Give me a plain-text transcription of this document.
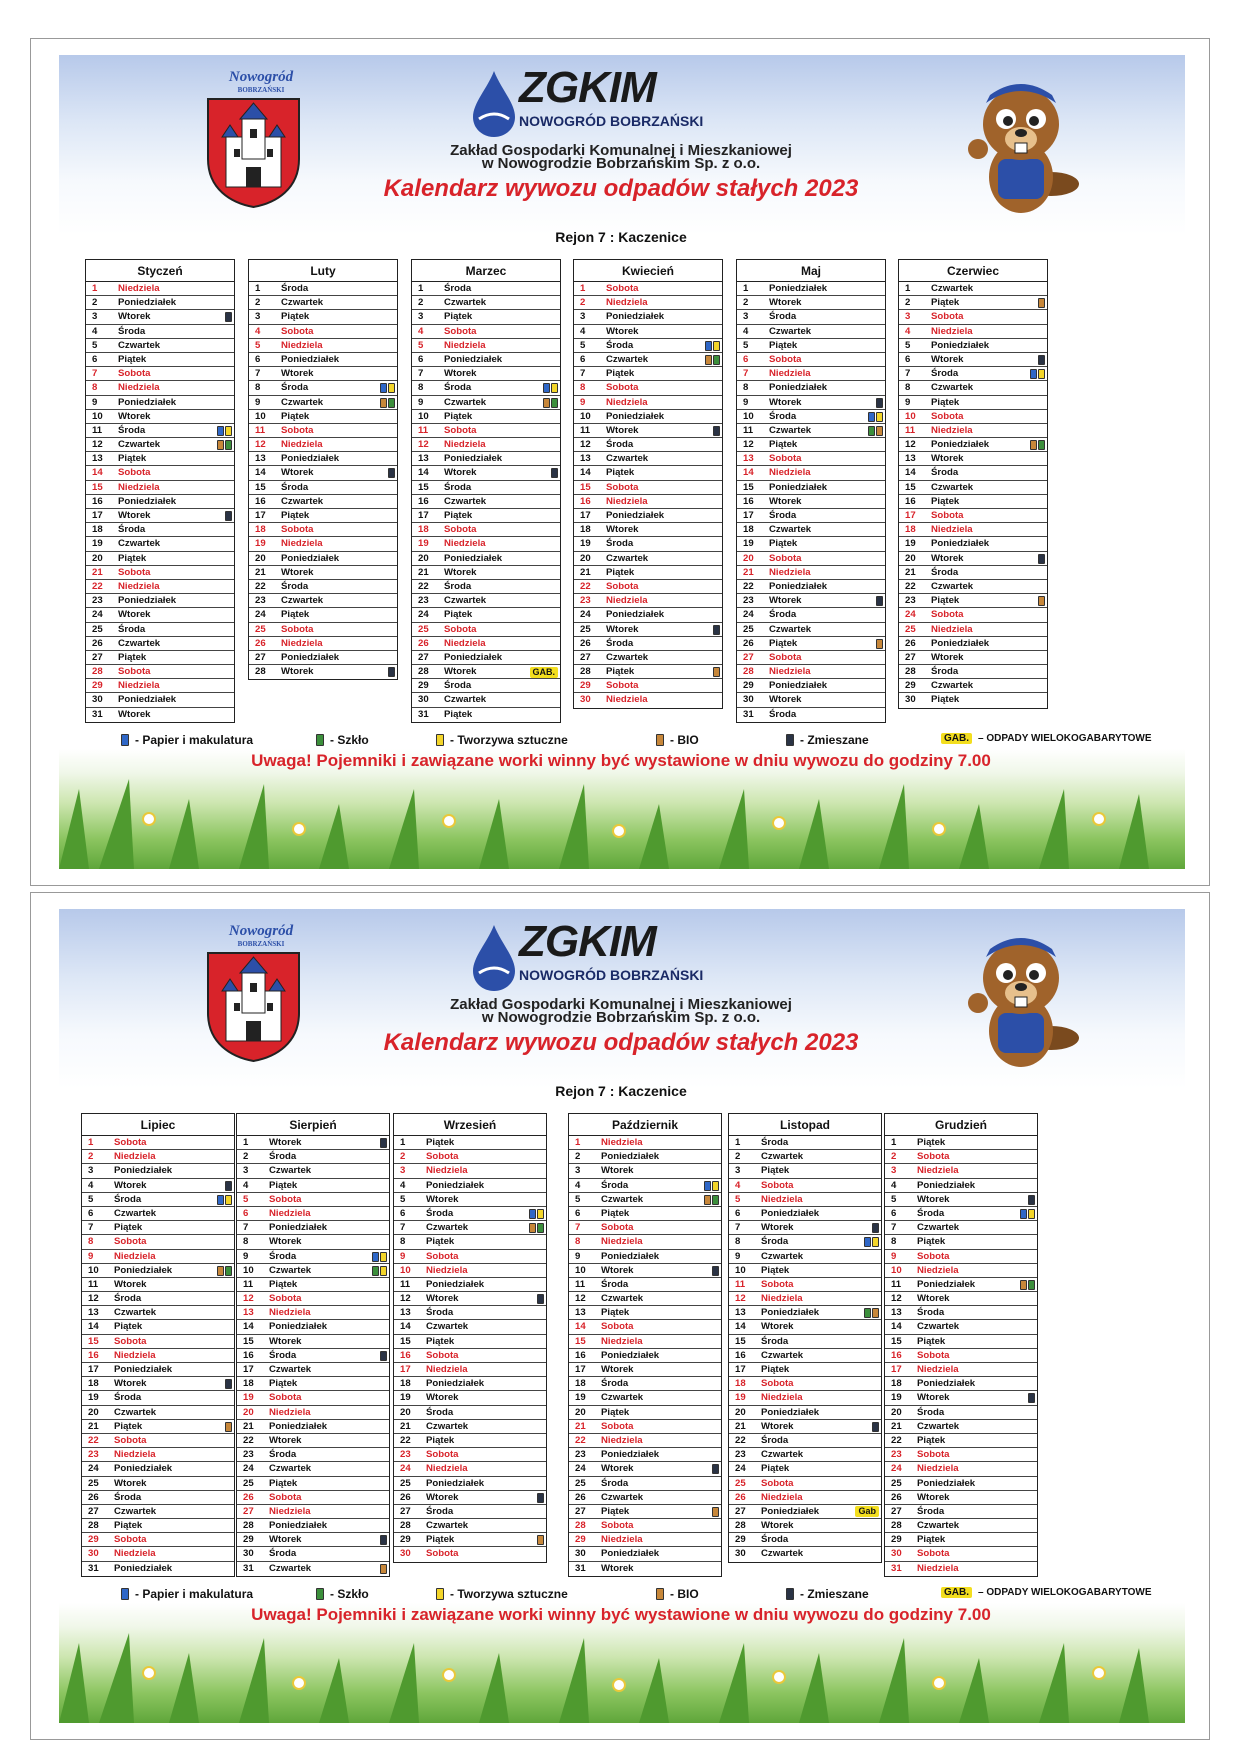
Nowogród
BOBRZAŃSKI	ZGKIM
NOWOGRÓD BOBRZAŃSKI
Zakład Gospodarki Komunalnej i Mieszkaniowej
w Nowogrodzie Bobrzańskim Sp. z o.o.
Kalendarz wywozu odpadów stałych 2023
Rejon 7 : Kaczenice
Styczeń
1	Niedziela
2	Poniedziałek
3	Wtorek
4	Środa
5	Czwartek
6	Piątek
7	Sobota
8	Niedziela
9	Poniedziałek
10	Wtorek
11	Środa
12	Czwartek
13	Piątek
14	Sobota
15	Niedziela
16	Poniedziałek
17	Wtorek
18	Środa
19	Czwartek
20	Piątek
21	Sobota
22	Niedziela
23	Poniedziałek
24	Wtorek
25	Środa
26	Czwartek
27	Piątek
28	Sobota
29	Niedziela
30	Poniedziałek
31	Wtorek
Luty
1	Środa
2	Czwartek
3	Piątek
4	Sobota
5	Niedziela
6	Poniedziałek
7	Wtorek
8	Środa
9	Czwartek
10	Piątek
11	Sobota
12	Niedziela
13	Poniedziałek
14	Wtorek
15	Środa
16	Czwartek
17	Piątek
18	Sobota
19	Niedziela
20	Poniedziałek
21	Wtorek
22	Środa
23	Czwartek
24	Piątek
25	Sobota
26	Niedziela
27	Poniedziałek
28	Wtorek
Marzec
1	Środa
2	Czwartek
3	Piątek
4	Sobota
5	Niedziela
6	Poniedziałek
7	Wtorek
8	Środa
9	Czwartek
10	Piątek
11	Sobota
12	Niedziela
13	Poniedziałek
14	Wtorek
15	Środa
16	Czwartek
17	Piątek
18	Sobota
19	Niedziela
20	Poniedziałek
21	Wtorek
22	Środa
23	Czwartek
24	Piątek
25	Sobota
26	Niedziela
27	Poniedziałek
28	Wtorek	GAB.
29	Środa
30	Czwartek
31	Piątek
Kwiecień
1	Sobota
2	Niedziela
3	Poniedziałek
4	Wtorek
5	Środa
6	Czwartek
7	Piątek
8	Sobota
9	Niedziela
10	Poniedziałek
11	Wtorek
12	Środa
13	Czwartek
14	Piątek
15	Sobota
16	Niedziela
17	Poniedziałek
18	Wtorek
19	Środa
20	Czwartek
21	Piątek
22	Sobota
23	Niedziela
24	Poniedziałek
25	Wtorek
26	Środa
27	Czwartek
28	Piątek
29	Sobota
30	Niedziela
Maj
1	Poniedziałek
2	Wtorek
3	Środa
4	Czwartek
5	Piątek
6	Sobota
7	Niedziela
8	Poniedziałek
9	Wtorek
10	Środa
11	Czwartek
12	Piątek
13	Sobota
14	Niedziela
15	Poniedziałek
16	Wtorek
17	Środa
18	Czwartek
19	Piątek
20	Sobota
21	Niedziela
22	Poniedziałek
23	Wtorek
24	Środa
25	Czwartek
26	Piątek
27	Sobota
28	Niedziela
29	Poniedziałek
30	Wtorek
31	Środa
Czerwiec
1	Czwartek
2	Piątek
3	Sobota
4	Niedziela
5	Poniedziałek
6	Wtorek
7	Środa
8	Czwartek
9	Piątek
10	Sobota
11	Niedziela
12	Poniedziałek
13	Wtorek
14	Środa
15	Czwartek
16	Piątek
17	Sobota
18	Niedziela
19	Poniedziałek
20	Wtorek
21	Środa
22	Czwartek
23	Piątek
24	Sobota
25	Niedziela
26	Poniedziałek
27	Wtorek
28	Środa
29	Czwartek
30	Piątek
- Papier i makulatura	- Szkło	- Tworzywa sztuczne	- BIO	- Zmieszane	GAB. – ODPADY WIELOKOGABARYTOWE
Uwaga! Pojemniki i zawiązane worki winny być wystawione w dniu wywozu do godziny 7.00
Nowogród
BOBRZAŃSKI	ZGKIM
NOWOGRÓD BOBRZAŃSKI
Zakład Gospodarki Komunalnej i Mieszkaniowej
w Nowogrodzie Bobrzańskim Sp. z o.o.
Kalendarz wywozu odpadów stałych 2023
Rejon 7 : Kaczenice
Lipiec
1	Sobota
2	Niedziela
3	Poniedziałek
4	Wtorek
5	Środa
6	Czwartek
7	Piątek
8	Sobota
9	Niedziela
10	Poniedziałek
11	Wtorek
12	Środa
13	Czwartek
14	Piątek
15	Sobota
16	Niedziela
17	Poniedziałek
18	Wtorek
19	Środa
20	Czwartek
21	Piątek
22	Sobota
23	Niedziela
24	Poniedziałek
25	Wtorek
26	Środa
27	Czwartek
28	Piątek
29	Sobota
30	Niedziela
31	Poniedziałek
Sierpień
1	Wtorek
2	Środa
3	Czwartek
4	Piątek
5	Sobota
6	Niedziela
7	Poniedziałek
8	Wtorek
9	Środa
10	Czwartek
11	Piątek
12	Sobota
13	Niedziela
14	Poniedziałek
15	Wtorek
16	Środa
17	Czwartek
18	Piątek
19	Sobota
20	Niedziela
21	Poniedziałek
22	Wtorek
23	Środa
24	Czwartek
25	Piątek
26	Sobota
27	Niedziela
28	Poniedziałek
29	Wtorek
30	Środa
31	Czwartek
Wrzesień
1	Piątek
2	Sobota
3	Niedziela
4	Poniedziałek
5	Wtorek
6	Środa
7	Czwartek
8	Piątek
9	Sobota
10	Niedziela
11	Poniedziałek
12	Wtorek
13	Środa
14	Czwartek
15	Piątek
16	Sobota
17	Niedziela
18	Poniedziałek
19	Wtorek
20	Środa
21	Czwartek
22	Piątek
23	Sobota
24	Niedziela
25	Poniedziałek
26	Wtorek
27	Środa
28	Czwartek
29	Piątek
30	Sobota
Październik
1	Niedziela
2	Poniedziałek
3	Wtorek
4	Środa
5	Czwartek
6	Piątek
7	Sobota
8	Niedziela
9	Poniedziałek
10	Wtorek
11	Środa
12	Czwartek
13	Piątek
14	Sobota
15	Niedziela
16	Poniedziałek
17	Wtorek
18	Środa
19	Czwartek
20	Piątek
21	Sobota
22	Niedziela
23	Poniedziałek
24	Wtorek
25	Środa
26	Czwartek
27	Piątek
28	Sobota
29	Niedziela
30	Poniedziałek
31	Wtorek
Listopad
1	Środa
2	Czwartek
3	Piątek
4	Sobota
5	Niedziela
6	Poniedziałek
7	Wtorek
8	Środa
9	Czwartek
10	Piątek
11	Sobota
12	Niedziela
13	Poniedziałek
14	Wtorek
15	Środa
16	Czwartek
17	Piątek
18	Sobota
19	Niedziela
20	Poniedziałek
21	Wtorek
22	Środa
23	Czwartek
24	Piątek
25	Sobota
26	Niedziela
27	Poniedziałek	Gab
28	Wtorek
29	Środa
30	Czwartek
Grudzień
1	Piątek
2	Sobota
3	Niedziela
4	Poniedziałek
5	Wtorek
6	Środa
7	Czwartek
8	Piątek
9	Sobota
10	Niedziela
11	Poniedziałek
12	Wtorek
13	Środa
14	Czwartek
15	Piątek
16	Sobota
17	Niedziela
18	Poniedziałek
19	Wtorek
20	Środa
21	Czwartek
22	Piątek
23	Sobota
24	Niedziela
25	Poniedziałek
26	Wtorek
27	Środa
28	Czwartek
29	Piątek
30	Sobota
31	Niedziela
- Papier i makulatura	- Szkło	- Tworzywa sztuczne	- BIO	- Zmieszane	GAB. – ODPADY WIELOKOGABARYTOWE
Uwaga! Pojemniki i zawiązane worki winny być wystawione w dniu wywozu do godziny 7.00
